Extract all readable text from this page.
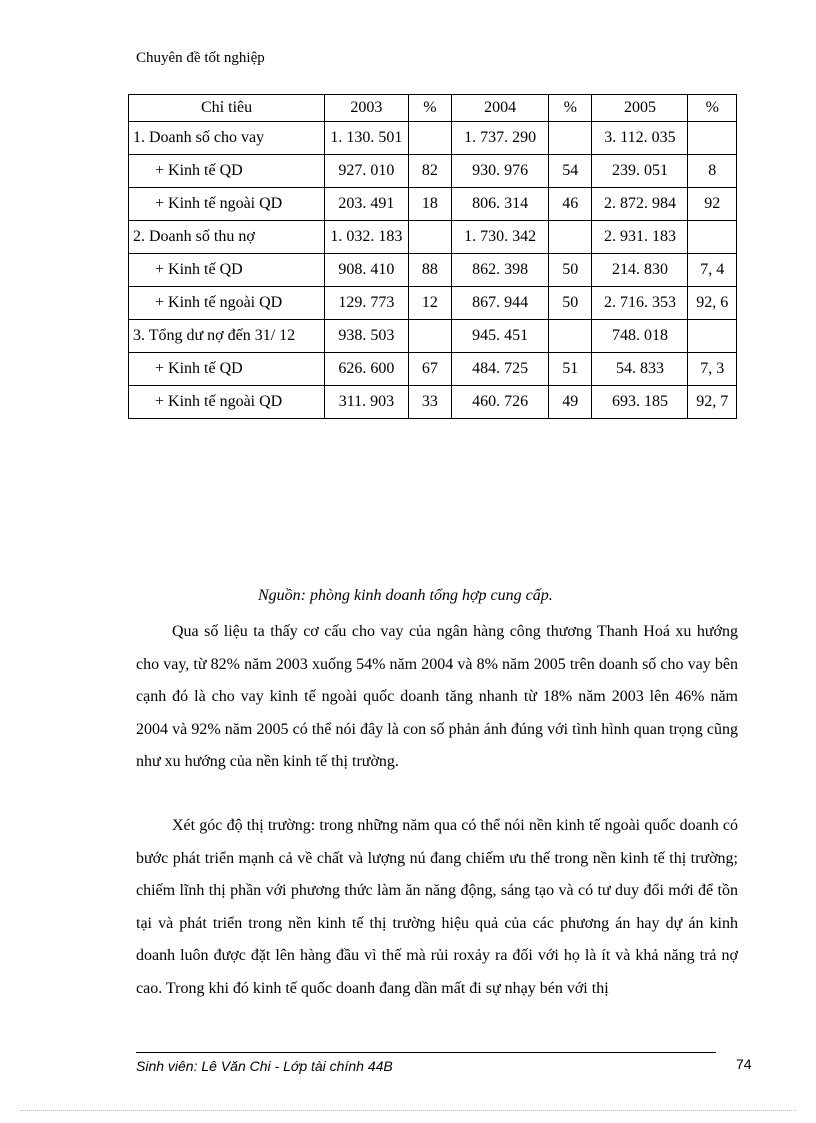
Chuyên đề tốt nghiệp
Chỉ tiêu	2003	%	2004	%	2005	%
1. Doanh số cho vay	1. 130. 501		1. 737. 290		3. 112. 035	
+ Kinh tế QD	927. 010	82	930. 976	54	239. 051	8
+ Kinh tế ngoài QD	203. 491	18	806. 314	46	2. 872. 984	92
2. Doanh số thu nợ	1. 032. 183		1. 730. 342		2. 931. 183	
+ Kinh tế QD	908. 410	88	862. 398	50	214. 830	7, 4
+ Kinh tế ngoài QD	129. 773	12	867. 944	50	2. 716. 353	92, 6
3. Tổng dư nợ đến 31/ 12	938. 503		945. 451		748. 018	
+ Kinh tế QD	626. 600	67	484. 725	51	54. 833	7, 3
+ Kinh tế ngoài QD	311. 903	33	460. 726	49	693. 185	92, 7
Nguồn: phòng kinh doanh tổng hợp cung cấp.

Qua số liệu ta thấy cơ cấu cho vay của ngân hàng công thương Thanh Hoá xu hướng cho vay, từ 82% năm 2003 xuống 54% năm 2004 và 8% năm 2005 trên doanh số cho vay bên cạnh đó là cho vay kinh tế ngoài quốc doanh tăng nhanh từ 18% năm 2003 lên 46% năm 2004 và 92% năm 2005 có thể nói đây là con số phản ánh đúng với tình hình quan trọng cũng như xu hướng của nền kinh tế thị trường.

Xét góc độ thị trường: trong những năm qua có thể nói nền kinh tế ngoài quốc doanh có bước phát triển mạnh cả về chất và lượng nú đang chiếm ưu thế trong nền kinh tế thị trường; chiếm lĩnh thị phần với phương thức làm ăn năng động, sáng tạo và có tư duy đổi mới để tồn tại và phát triển trong nền kinh tế thị trường hiệu quả của các phương án hay dự án kinh doanh luôn được đặt lên hàng đầu vì thế mà rủi roxảy ra đối với họ là ít và khả năng trả nợ cao. Trong khi đó kinh tế quốc doanh đang dần mất đi sự nhạy bén với thị

Sinh viên: Lê Văn Chi - Lớp tài chính 44B	74
